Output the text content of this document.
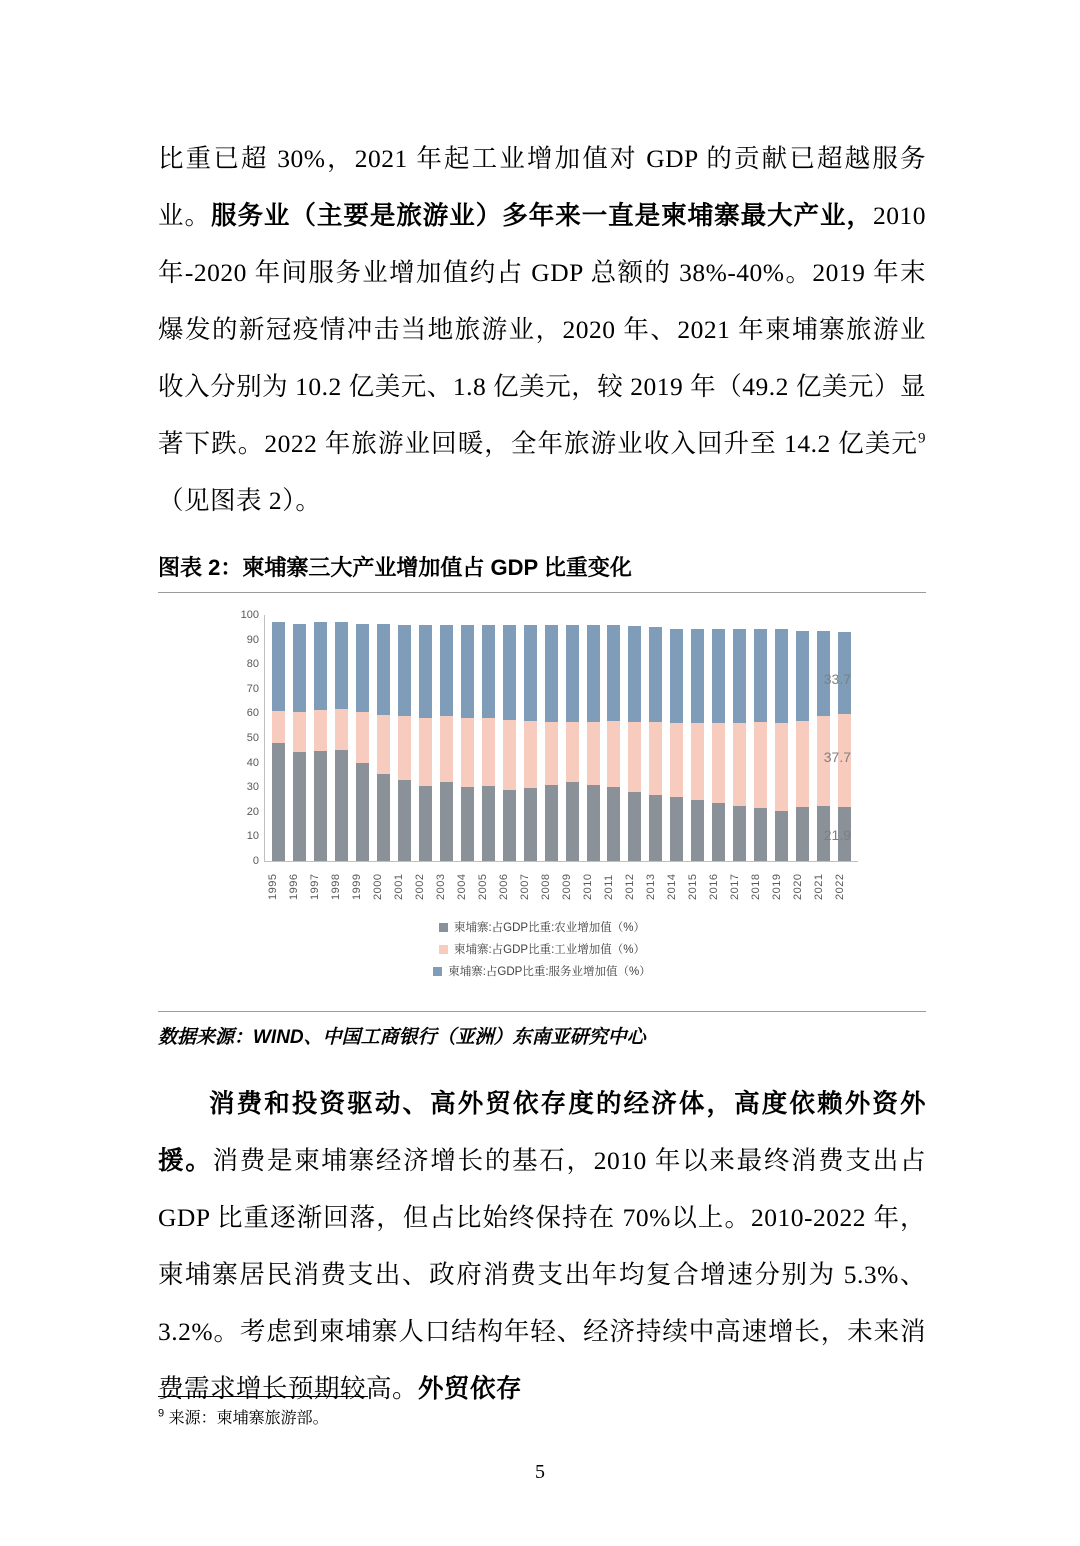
比重已超 30%，2021 年起工业增加值对 GDP 的贡献已超越服务业。服务业（主要是旅游业）多年来一直是柬埔寨最大产业，2010 年-2020 年间服务业增加值约占 GDP 总额的 38%-40%。2019 年末爆发的新冠疫情冲击当地旅游业，2020 年、2021 年柬埔寨旅游业收入分别为 10.2 亿美元、1.8 亿美元，较 2019 年（49.2 亿美元）显著下跌。2022 年旅游业回暖，全年旅游业收入回升至 14.2 亿美元$^9$（见图表 2）。

图表 2：柬埔寨三大产业增加值占 GDP 比重变化
100
90
80
70
60
50
40
30
20
10
0
1995 1996 1997 1998 1999 2000 2001 2002 2003 2004 2005 2006 2007 2008 2009 2010 2011 2012 2013 2014 2015 2016 2017 2018 2019 2020 2021 2022
柬埔寨:占GDP比重:农业增加值（%）
柬埔寨:占GDP比重:工业增加值（%）
柬埔寨:占GDP比重:服务业增加值（%）
33.7
37.7
21.9
数据来源：WIND、中国工商银行（亚洲）东南亚研究中心

消费和投资驱动、高外贸依存度的经济体，高度依赖外资外援。消费是柬埔寨经济增长的基石，2010 年以来最终消费支出占 GDP 比重逐渐回落，但占比始终保持在 70%以上。2010-2022 年，柬埔寨居民消费支出、政府消费支出年均复合增速分别为 5.3%、3.2%。考虑到柬埔寨人口结构年轻、经济持续中高速增长，未来消费需求增长预期较高。外贸依存

$^9$ 来源：柬埔寨旅游部。
5
